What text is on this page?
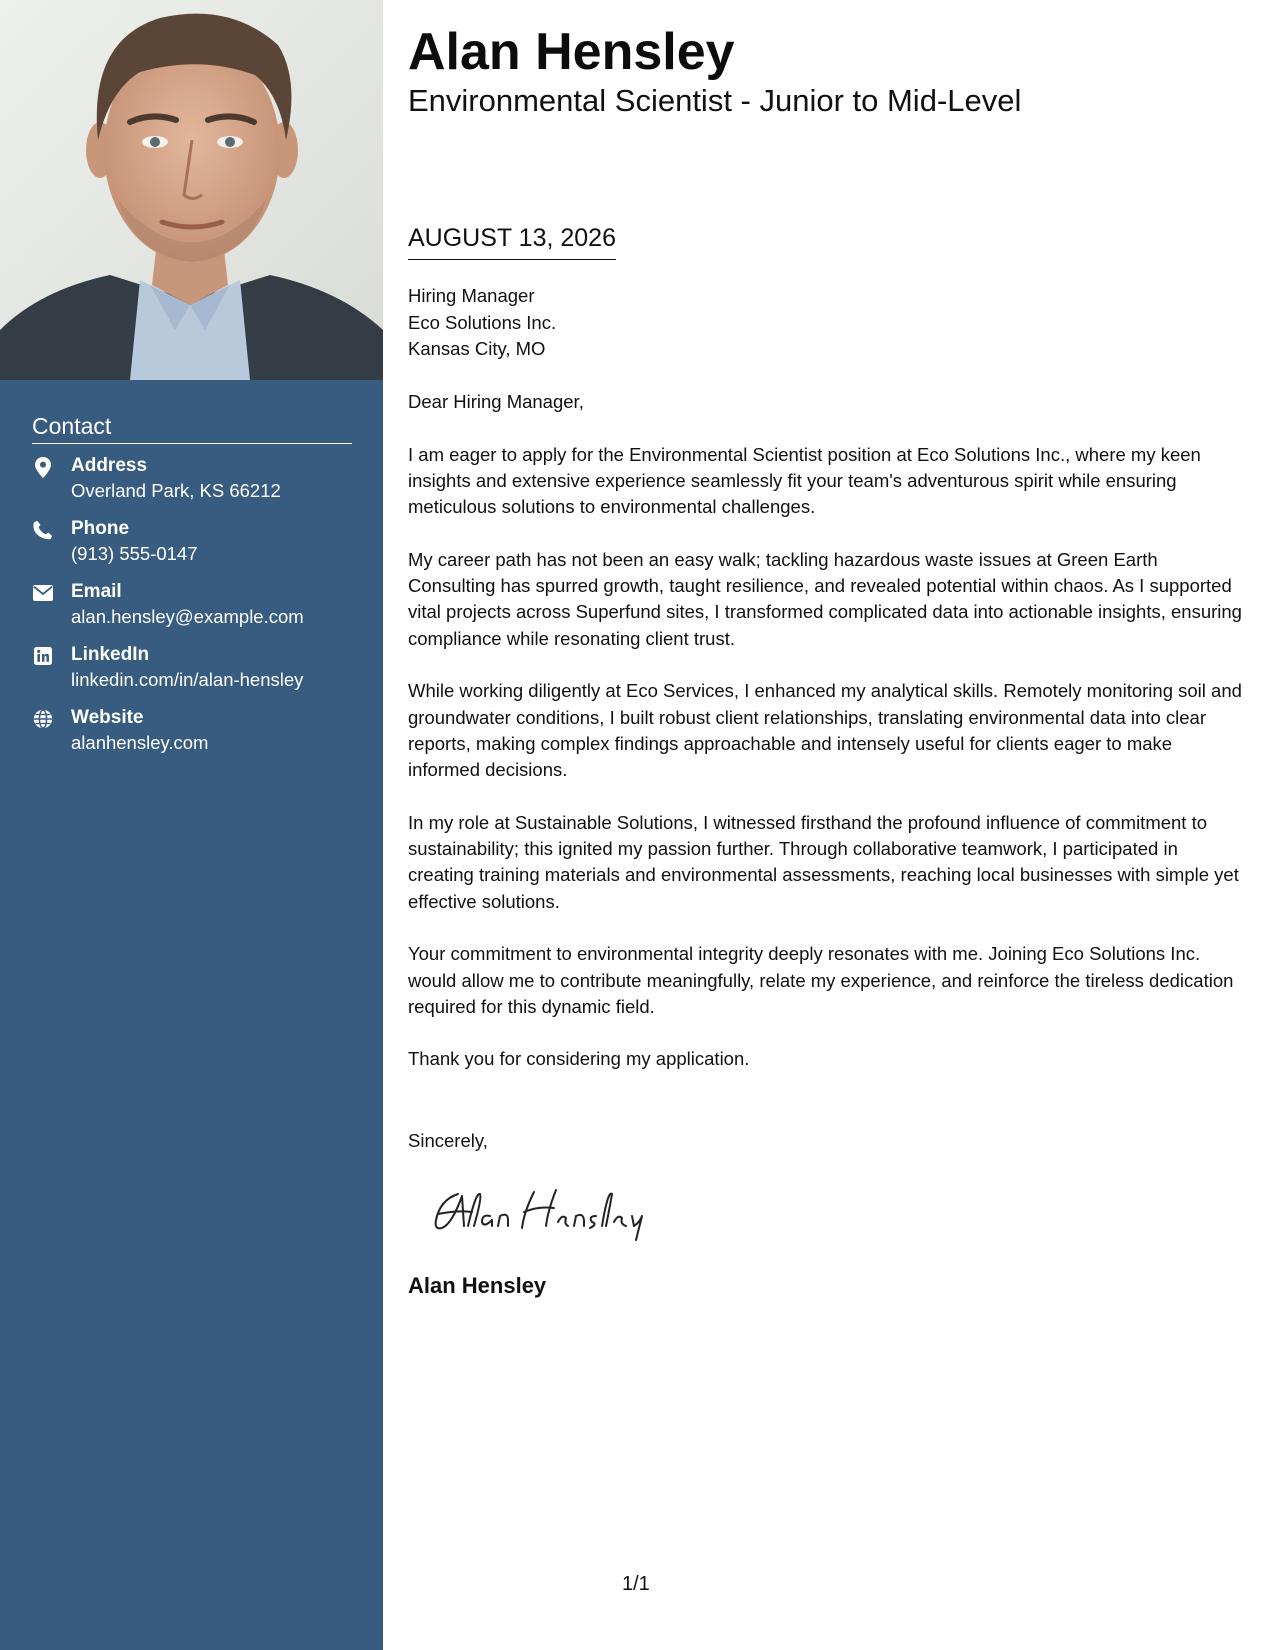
Contact
Address
Overland Park, KS 66212
Phone
(913) 555-0147
Email
alan.hensley@example.com
LinkedIn
linkedin.com/in/alan-hensley
Website
alanhensley.com
Alan Hensley
Environmental Scientist - Junior to Mid-Level
AUGUST 13, 2026
Hiring Manager
Eco Solutions Inc.
Kansas City, MO

Dear Hiring Manager,

I am eager to apply for the Environmental Scientist position at Eco Solutions Inc., where my keen insights and extensive experience seamlessly fit your team's adventurous spirit while ensuring meticulous solutions to environmental challenges.

My career path has not been an easy walk; tackling hazardous waste issues at Green Earth Consulting has spurred growth, taught resilience, and revealed potential within chaos. As I supported vital projects across Superfund sites, I transformed complicated data into actionable insights, ensuring compliance while resonating client trust.

While working diligently at Eco Services, I enhanced my analytical skills. Remotely monitoring soil and groundwater conditions, I built robust client relationships, translating environmental data into clear reports, making complex findings approachable and intensely useful for clients eager to make informed decisions.

In my role at Sustainable Solutions, I witnessed firsthand the profound influence of commitment to sustainability; this ignited my passion further. Through collaborative teamwork, I participated in creating training materials and environmental assessments, reaching local businesses with simple yet effective solutions.

Your commitment to environmental integrity deeply resonates with me. Joining Eco Solutions Inc. would allow me to contribute meaningfully, relate my experience, and reinforce the tireless dedication required for this dynamic field.

Thank you for considering my application.

Sincerely,
Alan Hensley
1/1
